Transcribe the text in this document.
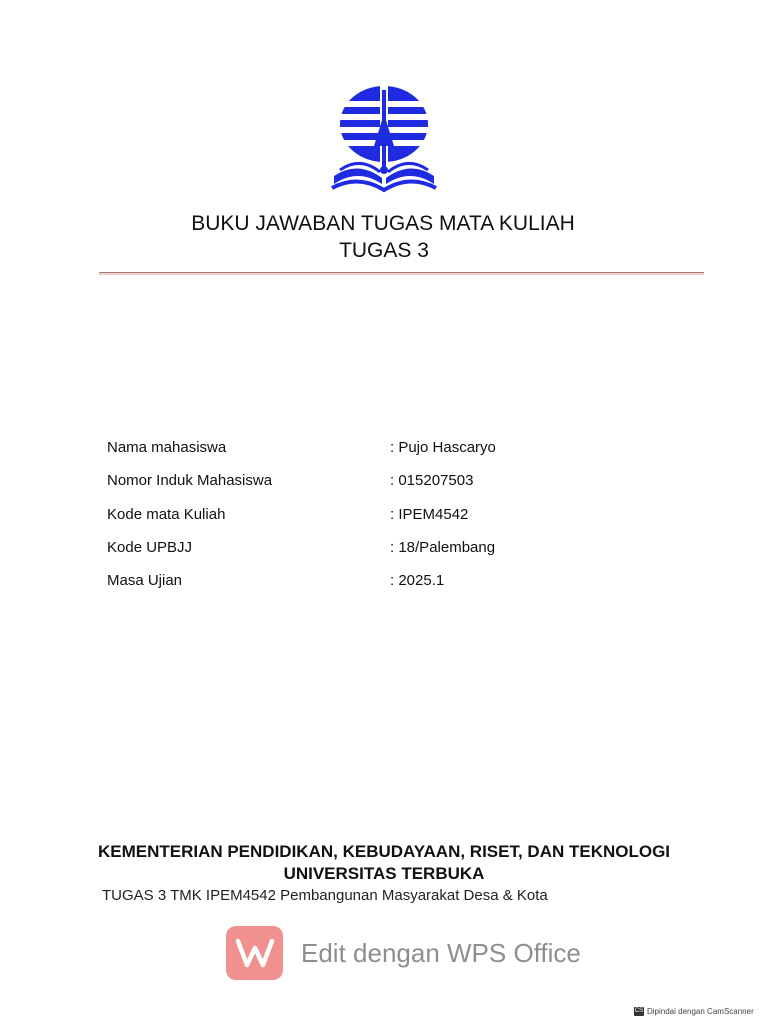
BUKU JAWABAN TUGAS MATA KULIAH
TUGAS 3
Nama mahasiswa	: Pujo Hascaryo
Nomor Induk Mahasiswa	: 015207503
Kode mata Kuliah	: IPEM4542
Kode UPBJJ	: 18/Palembang
Masa Ujian	: 2025.1
KEMENTERIAN PENDIDIKAN, KEBUDAYAAN, RISET, DAN TEKNOLOGI
UNIVERSITAS TERBUKA
TUGAS 3 TMK IPEM4542 Pembangunan Masyarakat Desa & Kota
Edit dengan WPS Office
CS Dipindai dengan CamScanner
